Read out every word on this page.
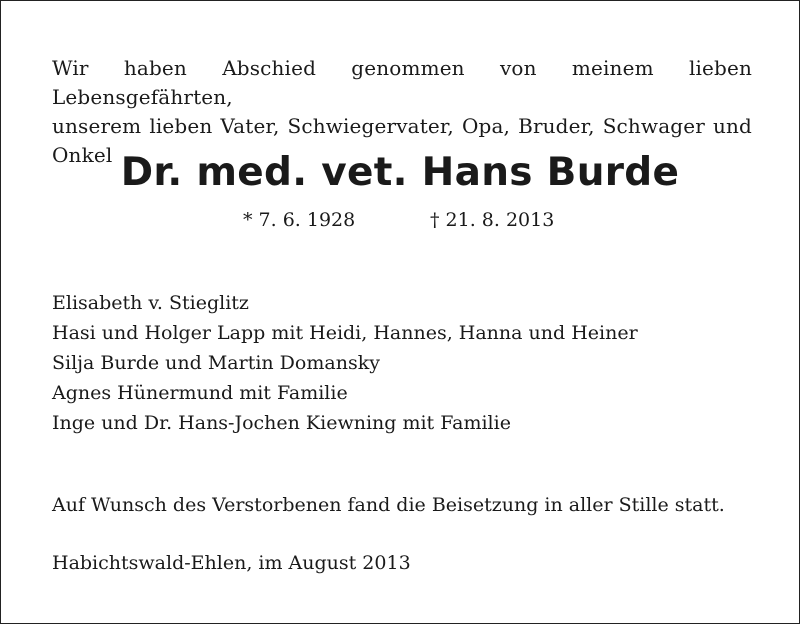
Wir haben Abschied genommen von meinem lieben Lebensgefährten,
unserem lieben Vater, Schwiegervater, Opa, Bruder, Schwager und Onkel Dr. med. vet. Hans Burde
* 7. 6. 1928	† 21. 8. 2013
Elisabeth v. Stieglitz
Hasi und Holger Lapp mit Heidi, Hannes, Hanna und Heiner
Silja Burde und Martin Domansky
Agnes Hünermund mit Familie
Inge und Dr. Hans-Jochen Kiewning mit Familie
Auf Wunsch des Verstorbenen fand die Beisetzung in aller Stille statt.
Habichtswald-Ehlen, im August 2013
